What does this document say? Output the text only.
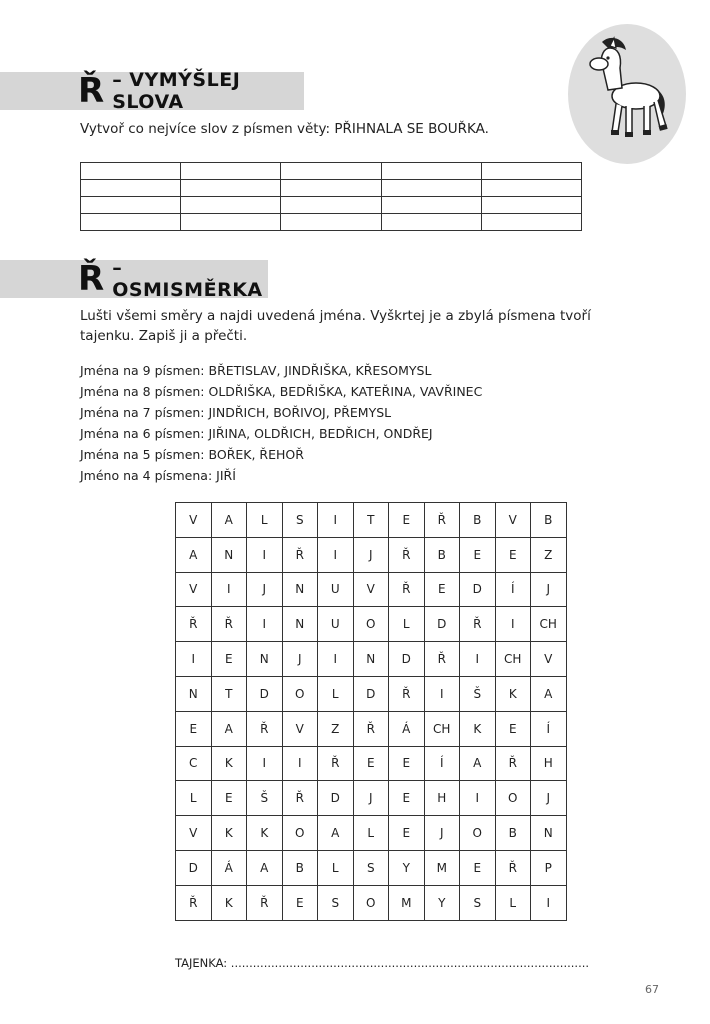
Ř – VYMÝŠLEJ SLOVA
Vytvoř co nejvíce slov z písmen věty: PŘIHNALA SE BOUŘKA.

Ř – OSMISMĚRKA
Lušti všemi směry a najdi uvedená jména. Vyškrtej je a zbylá písmena tvoří tajenku. Zapiš ji a přečti.
Jména na 9 písmen: BŘETISLAV, JINDŘIŠKA, KŘESOMYSL
Jména na 8 písmen: OLDŘIŠKA, BEDŘIŠKA, KATEŘINA, VAVŘINEC
Jména na 7 písmen: JINDŘICH, BOŘIVOJ, PŘEMYSL
Jména na 6 písmen: JIŘINA, OLDŘICH, BEDŘICH, ONDŘEJ
Jména na 5 písmen: BOŘEK, ŘEHOŘ
Jméno na 4 písmena: JIŘÍ
V	A	L	S	I	T	E	Ř	B	V	B
A	N	I	Ř	I	J	Ř	B	E	E	Z
V	I	J	N	U	V	Ř	E	D	Í	J
Ř	Ř	I	N	U	O	L	D	Ř	I	CH
I	E	N	J	I	N	D	Ř	I	CH	V
N	T	D	O	L	D	Ř	I	Š	K	A
E	A	Ř	V	Z	Ř	Á	CH	K	E	Í
C	K	I	I	Ř	E	E	Í	A	Ř	H
L	E	Š	Ř	D	J	E	H	I	O	J
V	K	K	O	A	L	E	J	O	B	N
D	Á	A	B	L	S	Y	M	E	Ř	P
Ř	K	Ř	E	S	O	M	Y	S	L	I
TAJENKA: ..................................................................................................
67
